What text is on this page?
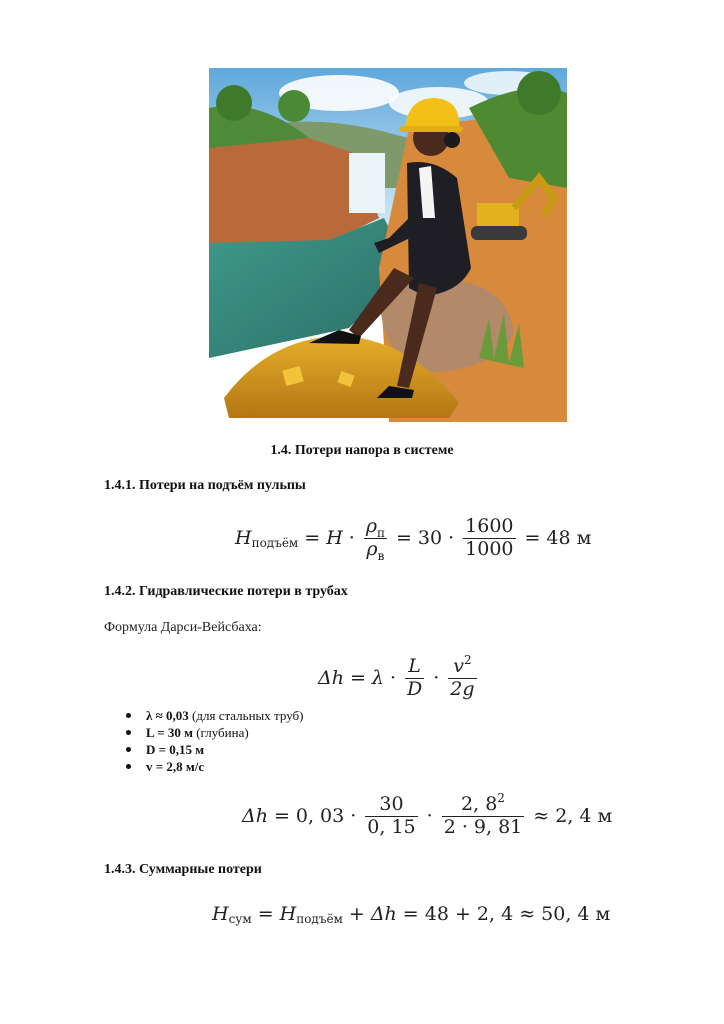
1.4. Потери напора в системе
1.4.1. Потери на подъём пульпы
H подъём = $H \cdot \frac{\rho_п}{\rho_в} = 30 \cdot \frac{1600}{1000} = 48$ м
1.4.2. Гидравлические потери в трубах
Формула Дарси-Вейсбаха:
$\Delta h = \lambda \cdot \frac{L}{D} \cdot \frac{v^2}{2g}$
λ ≈ 0,03 (для стальных труб)
L = 30 м (глубина)
D = 0,15 м
v = 2,8 м/с
Δh = 0, $03 \cdot \frac{30}{0, 15} \cdot \frac{2, 8^2}{2 \cdot 9, 81} \approx 2$, 4 м
1.4.3. Суммарные потери
H сум = H подъём + Δh = 48 + 2, 4 ≈ 50, 4 м
